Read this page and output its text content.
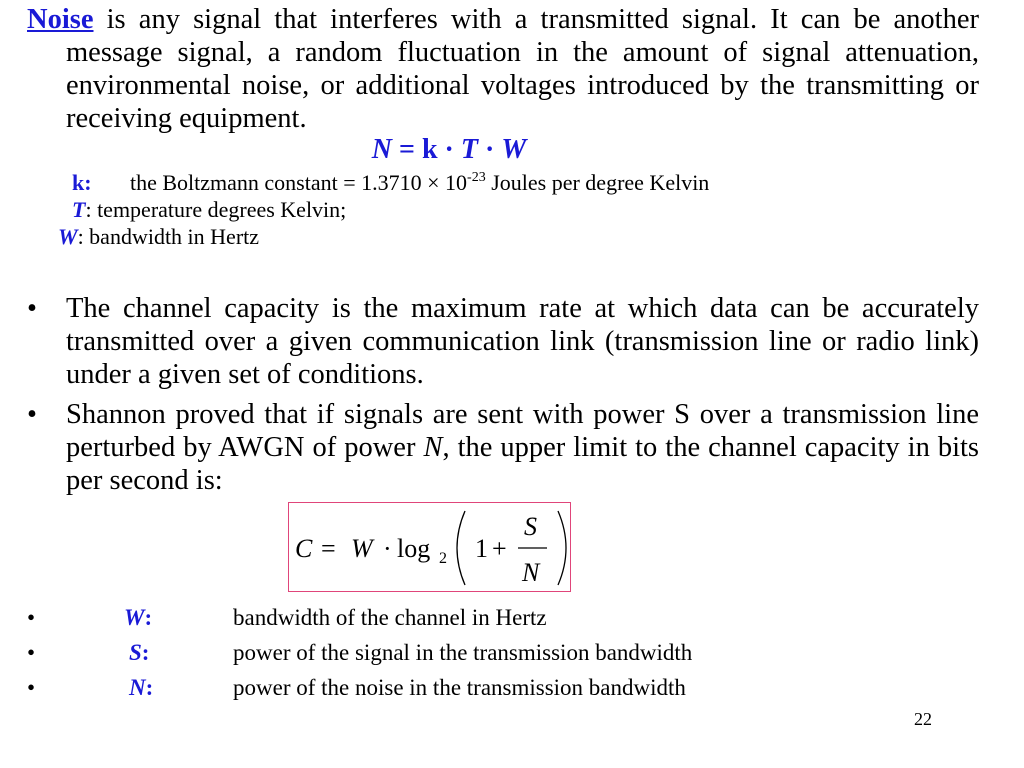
Noise is any signal that interferes with a transmitted signal. It can be another message signal, a random fluctuation in the amount of signal attenuation, environmental noise, or additional voltages introduced by the transmitting or receiving equipment.
N = k · T · W
k: the Boltzmann constant = $1.3710 \times 10^{-23}$ Joules per degree Kelvin
T: temperature degrees Kelvin;
W: bandwidth in Hertz
•	The channel capacity is the maximum rate at which data can be accurately transmitted over a given communication link (transmission line or radio link) under a given set of conditions.
•	Shannon proved that if signals are sent with power S over a transmission line perturbed by AWGN of power N, the upper limit to the channel capacity in bits per second is:
C = W · log 2 1 +
S
N
•	W:	bandwidth of the channel in Hertz
•	S:	power of the signal in the transmission bandwidth
•	N:	power of the noise in the transmission bandwidth
22
